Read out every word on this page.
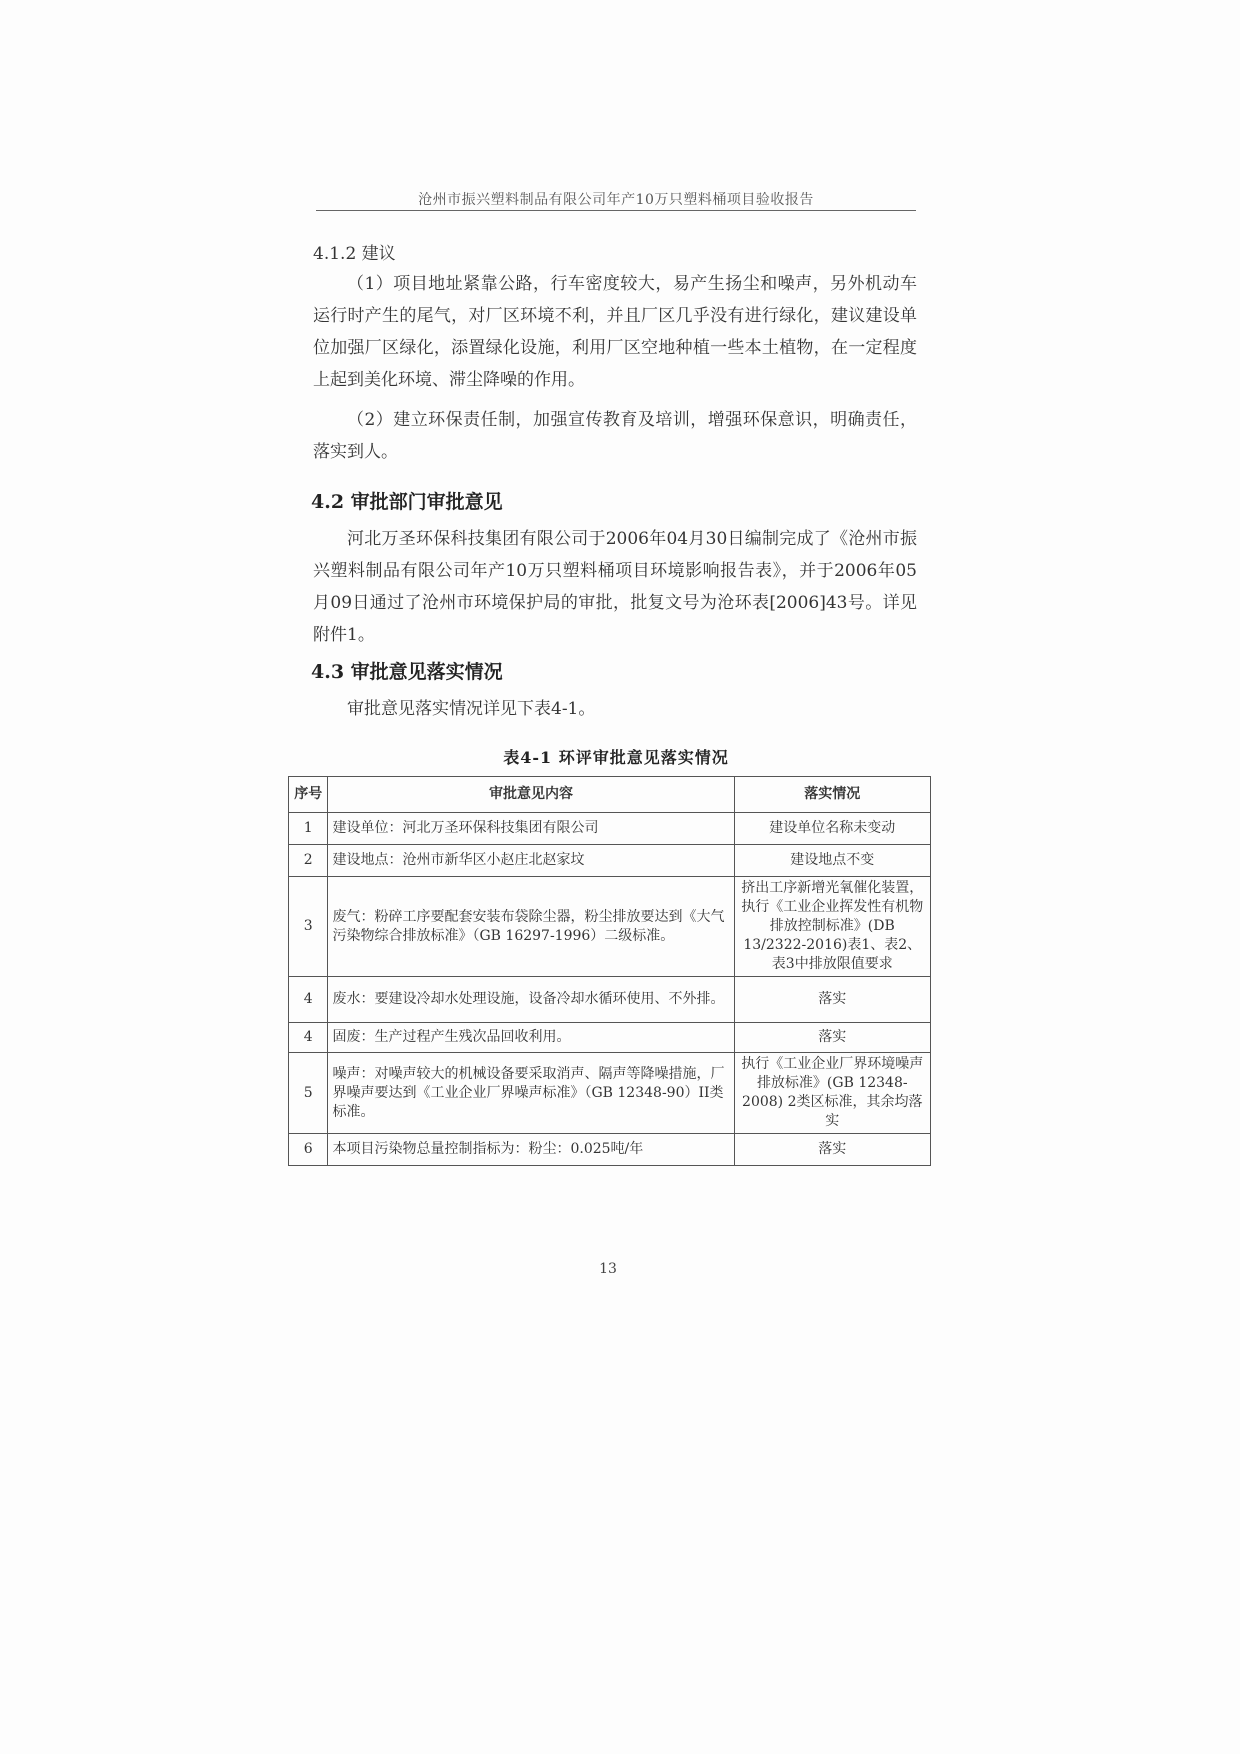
沧州市振兴塑料制品有限公司年产10万只塑料桶项目验收报告
4.1.2 建议
（1）项目地址紧靠公路，行车密度较大，易产生扬尘和噪声，另外机动车运行时产生的尾气，对厂区环境不利，并且厂区几乎没有进行绿化，建议建设单位加强厂区绿化，添置绿化设施，利用厂区空地种植一些本土植物，在一定程度上起到美化环境、滞尘降噪的作用。
（2）建立环保责任制，加强宣传教育及培训，增强环保意识，明确责任，落实到人。
4.2 审批部门审批意见
河北万圣环保科技集团有限公司于2006年04月30日编制完成了《沧州市振兴塑料制品有限公司年产10万只塑料桶项目环境影响报告表》，并于2006年05月09日通过了沧州市环境保护局的审批，批复文号为沧环表[2006]43号。详见附件1。
4.3 审批意见落实情况
审批意见落实情况详见下表4-1。
表4-1 环评审批意见落实情况
序号	审批意见内容	落实情况
1	建设单位：河北万圣环保科技集团有限公司	建设单位名称未变动
2	建设地点：沧州市新华区小赵庄北赵家坟	建设地点不变
3	废气：粉碎工序要配套安装布袋除尘器，粉尘排放要达到《大气污染物综合排放标准》（GB 16297-1996）二级标准。	挤出工序新增光氧催化装置，执行《工业企业挥发性有机物排放控制标准》(DB 13/2322-2016)表1、表2、表3中排放限值要求
4	废水：要建设冷却水处理设施，设备冷却水循环使用、不外排。	落实
4	固废：生产过程产生残次品回收利用。	落实
5	噪声：对噪声较大的机械设备要采取消声、隔声等降噪措施，厂界噪声要达到《工业企业厂界噪声标准》（GB 12348-90）II类标准。	执行《工业企业厂界环境噪声排放标准》(GB 12348-2008) 2类区标准，其余均落实
6	本项目污染物总量控制指标为：粉尘：0.025吨/年	落实
13
